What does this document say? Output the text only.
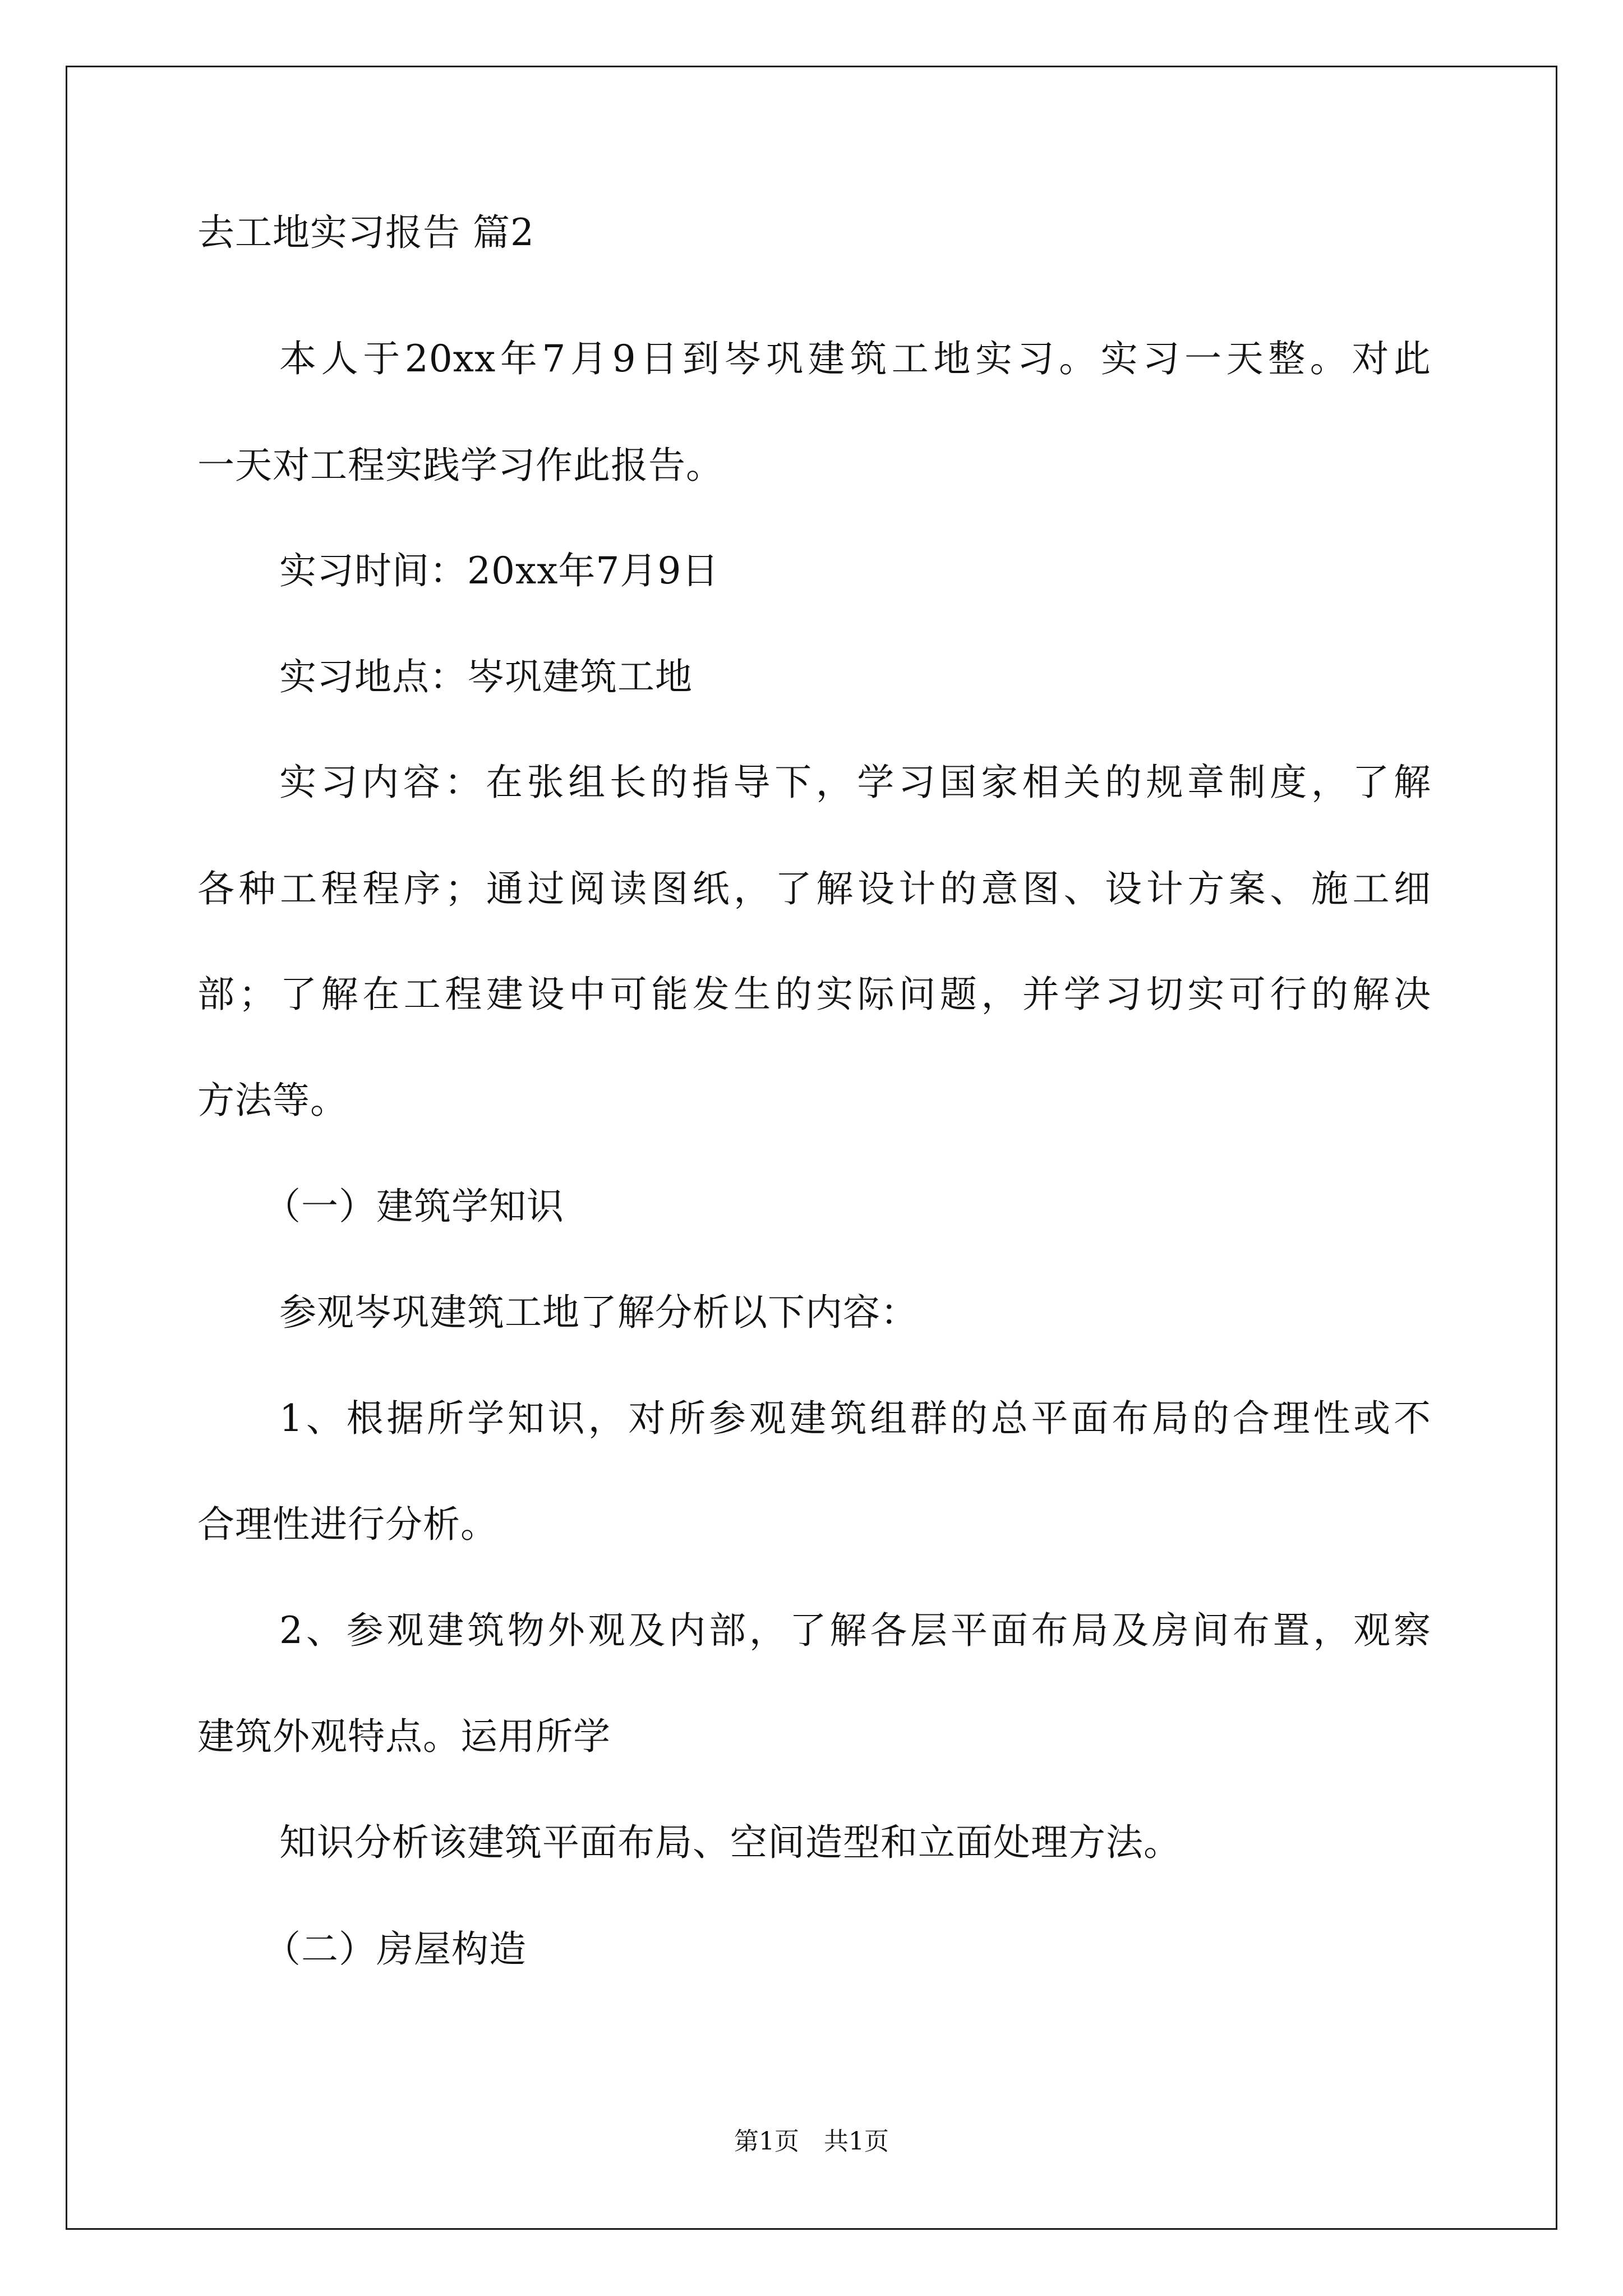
去工地实习报告 篇2

本人于20xx年7月9日到岑巩建筑工地实习。实习一天整。对此

一天对工程实践学习作此报告。

实习时间：20xx年7月9日

实习地点：岑巩建筑工地

实习内容：在张组长的指导下，学习国家相关的规章制度，了解

各种工程程序；通过阅读图纸，了解设计的意图、设计方案、施工细

部；了解在工程建设中可能发生的实际问题，并学习切实可行的解决

方法等。

（一）建筑学知识

参观岑巩建筑工地了解分析以下内容：

1、根据所学知识，对所参观建筑组群的总平面布局的合理性或不

合理性进行分析。

2、参观建筑物外观及内部，了解各层平面布局及房间布置，观察

建筑外观特点。运用所学

知识分析该建筑平面布局、空间造型和立面处理方法。

（二）房屋构造

第1页　共1页
